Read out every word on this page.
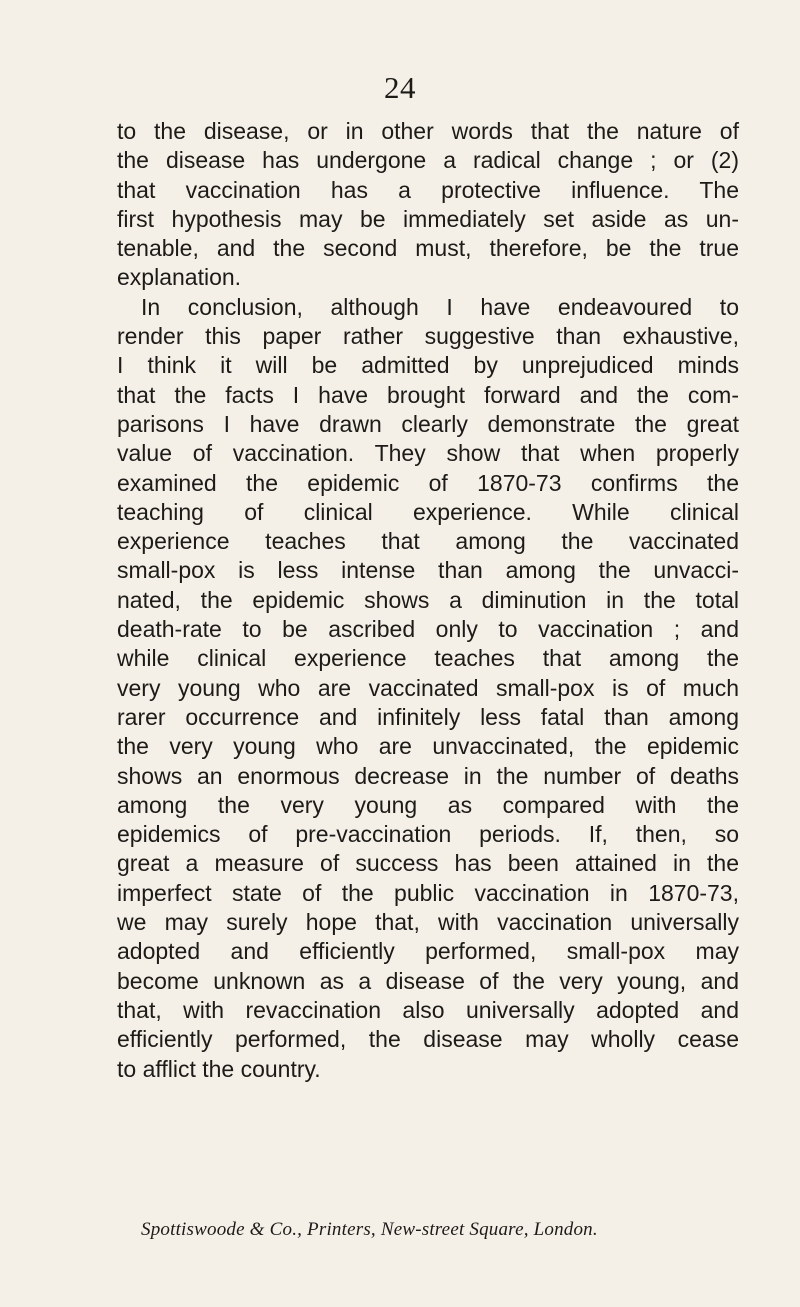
24
to the disease, or in other words that the nature of
the disease has undergone a radical change ; or (2)
that vaccination has a protective influence. The
first hypothesis may be immediately set aside as un-
tenable, and the second must, therefore, be the true
explanation.
In conclusion, although I have endeavoured to
render this paper rather suggestive than exhaustive,
I think it will be admitted by unprejudiced minds
that the facts I have brought forward and the com-
parisons I have drawn clearly demonstrate the great
value of vaccination. They show that when properly
examined the epidemic of 1870-73 confirms the
teaching of clinical experience. While clinical
experience teaches that among the vaccinated
small-pox is less intense than among the unvacci-
nated, the epidemic shows a diminution in the total
death-rate to be ascribed only to vaccination ; and
while clinical experience teaches that among the
very young who are vaccinated small-pox is of much
rarer occurrence and infinitely less fatal than among
the very young who are unvaccinated, the epidemic
shows an enormous decrease in the number of deaths
among the very young as compared with the
epidemics of pre-vaccination periods. If, then, so
great a measure of success has been attained in the
imperfect state of the public vaccination in 1870-73,
we may surely hope that, with vaccination universally
adopted and efficiently performed, small-pox may
become unknown as a disease of the very young, and
that, with revaccination also universally adopted and
efficiently performed, the disease may wholly cease
to afflict the country.
Spottiswoode & Co., Printers, New-street Square, London.
